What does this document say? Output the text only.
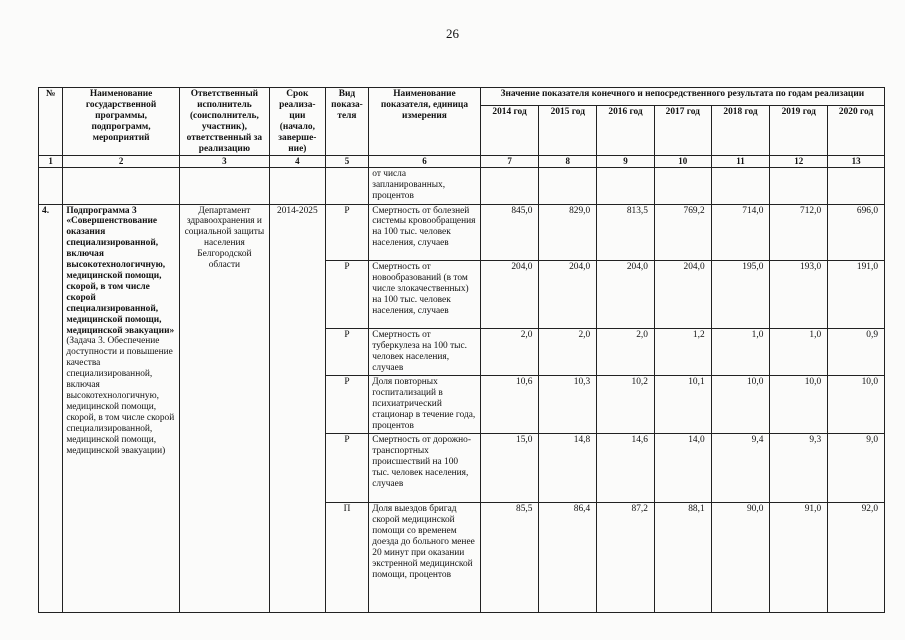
26
№	Наименование государственной программы, подпрограмм, мероприятий	Ответственный исполнитель (соисполнитель, участник), ответственный за реализацию	Срок реализа-ции (начало, заверше-ние)	Вид показа-теля	Наименование показателя, единица измерения	Значение показателя конечного и непосредственного результата по годам реализации						
						2014 год	2015 год	2016 год	2017 год	2018 год	2019 год	2020 год
1	2	3	4	5	6	7	8	9	10	11	12	13
					от числа запланированных, процентов							
4.	Подпрограмма 3 «Совершенствование оказания специализированной, включая высокотехнологичную, медицинской помощи, скорой, в том числе скорой специализированной, медицинской помощи, медицинской эвакуации» (Задача 3. Обеспечение доступности и повышение качества специализированной, включая высокотехнологичную, медицинской помощи, скорой, в том числе скорой специализированной, медицинской помощи, медицинской эвакуации)	Департамент здравоохранения и социальной защиты населения Белгородской области	2014-2025	Р	Смертность от болезней системы кровообращения на 100 тыс. человек населения, случаев	845,0	829,0	813,5	769,2	714,0	712,0	696,0
				Р	Смертность от новообразований (в том числе злокачественных) на 100 тыс. человек населения, случаев	204,0	204,0	204,0	204,0	195,0	193,0	191,0
				Р	Смертность от туберкулеза на 100 тыс. человек населения, случаев	2,0	2,0	2,0	1,2	1,0	1,0	0,9
				Р	Доля повторных госпитализаций в психиатрический стационар в течение года, процентов	10,6	10,3	10,2	10,1	10,0	10,0	10,0
				Р	Смертность от дорожно-транспортных происшествий на 100 тыс. человек населения, случаев	15,0	14,8	14,6	14,0	9,4	9,3	9,0
				П	Доля выездов бригад скорой медицинской помощи со временем доезда до больного менее 20 минут при оказании экстренной медицинской помощи, процентов	85,5	86,4	87,2	88,1	90,0	91,0	92,0
